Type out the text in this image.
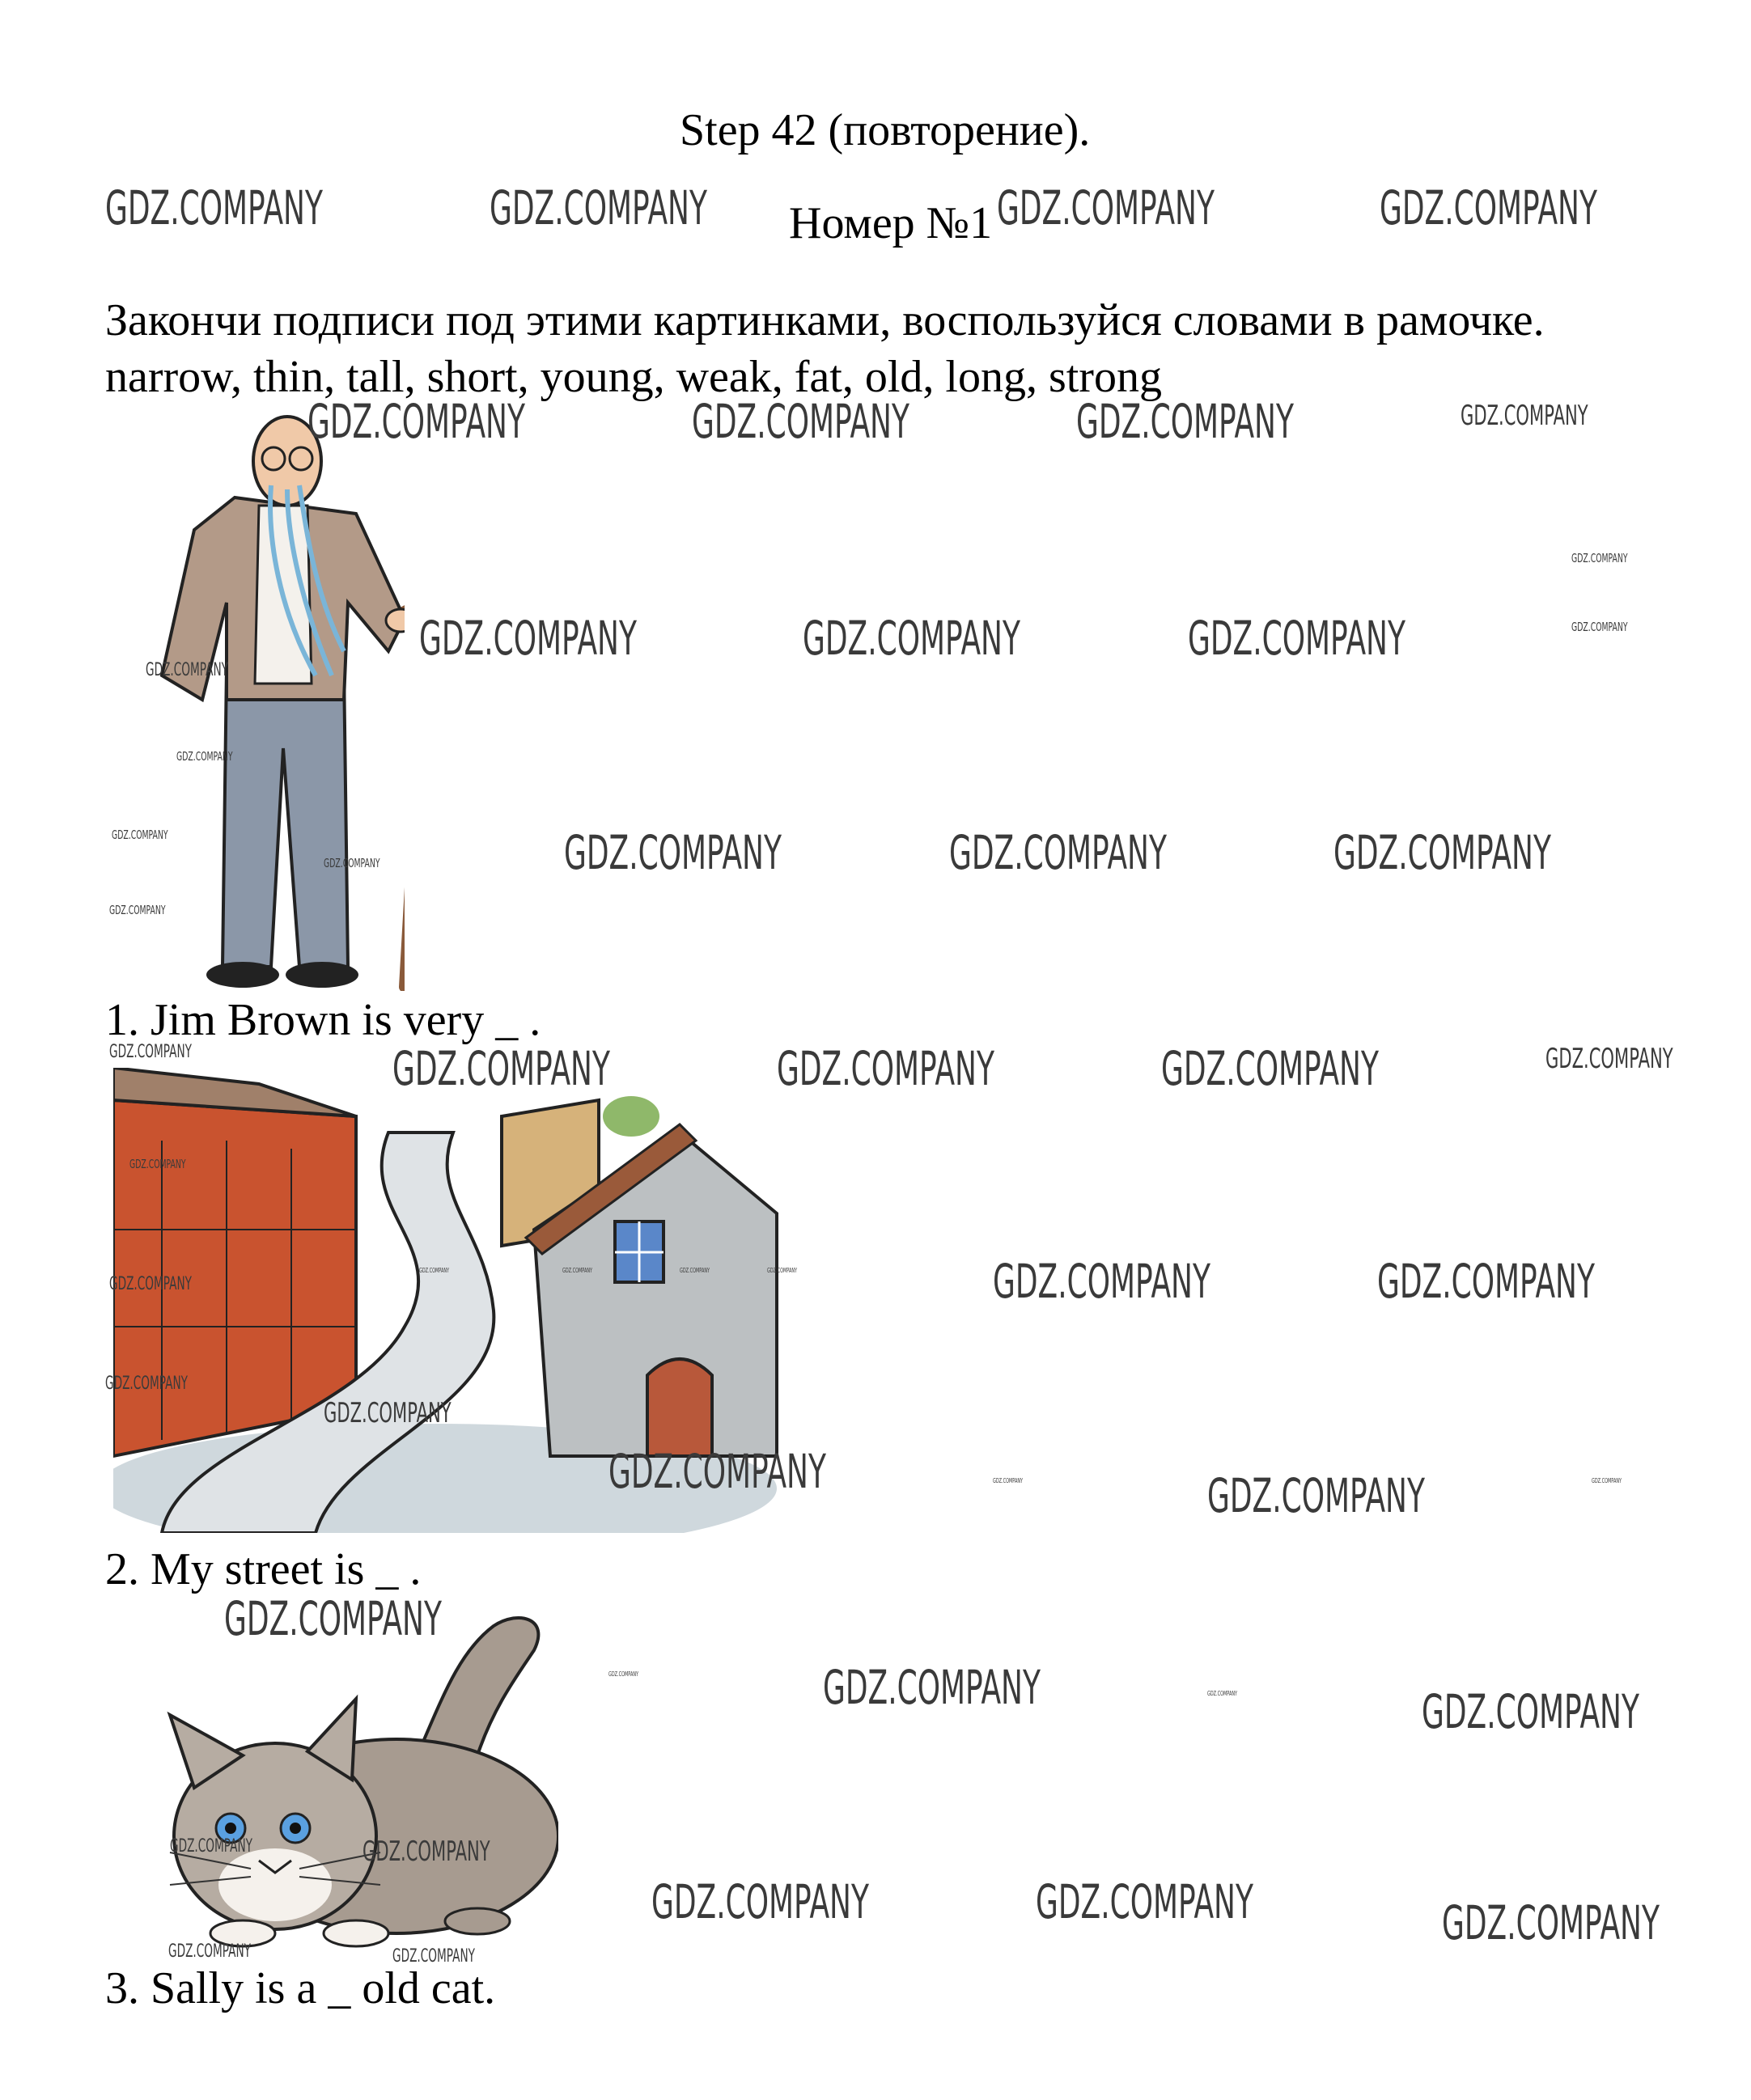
Step 42 (повторение).
Номер №1
Закончи подписи под этими картинками, воспользуйся словами в рамочке.
narrow, thin, tall, short, young, weak, fat, old, long, strong
1. Jim Brown is very _ .
2. My street is _ .
3. Sally is a _ old cat.
GDZ.COMPANY	GDZ.COMPANY	GDZ.COMPANY	GDZ.COMPANY
GDZ.COMPANY	GDZ.COMPANY	GDZ.COMPANY	GDZ.COMPANY
GDZ.COMPANY
GDZ.COMPANY
GDZ.COMPANY	GDZ.COMPANY	GDZ.COMPANY
GDZ.COMPANY
GDZ.COMPANY
GDZ.COMPANY
GDZ.COMPANY
GDZ.COMPANY
GDZ.COMPANY	GDZ.COMPANY	GDZ.COMPANY
GDZ.COMPANY	GDZ.COMPANY	GDZ.COMPANY	GDZ.COMPANY	GDZ.COMPANY
GDZ.COMPANY
GDZ.COMPANY	GDZ.COMPANY	GDZ.COMPANY	GDZ.COMPANY
GDZ.COMPANY
GDZ.COMPANY
GDZ.COMPANY
GDZ.COMPANY	GDZ.COMPANY
GDZ.COMPANY	GDZ.COMPANY	GDZ.COMPANY	GDZ.COMPANY
GDZ.COMPANY
GDZ.COMPANY	GDZ.COMPANY	GDZ.COMPANY	GDZ.COMPANY
GDZ.COMPANY	GDZ.COMPANY
GDZ.COMPANY	GDZ.COMPANY	GDZ.COMPANY
GDZ.COMPANY	GDZ.COMPANY
